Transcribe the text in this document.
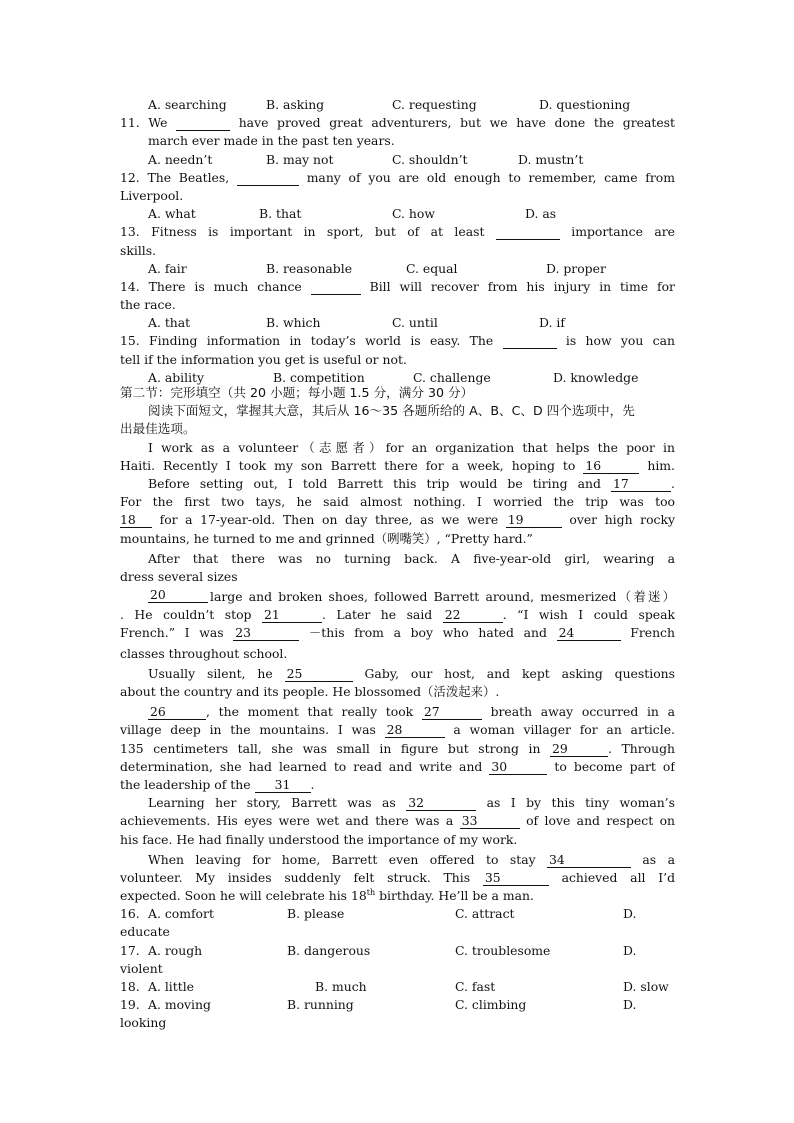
A. searching	B. asking	C. requesting	D. questioning
11. We	have proved great adventurers, but we have done the greatest
march ever made in the past ten years.
A. needn’t	B. may not	C. shouldn’t	D. mustn’t
12. The Beatles,	many of you are old enough to remember, came from
Liverpool.
A. what	B. that	C. how	D. as
13. Fitness is important in sport, but of at least	importance are
skills.
A. fair	B. reasonable	C. equal	D. proper
14. There is much chance	Bill will recover from his injury in time for
the race.
A. that	B. which	C. until	D. if
15. Finding information in today’s world is easy. The	is how you can
tell if the information you get is useful or not.
A. ability	B. competition	C. challenge	D. knowledge
第二节：完形填空（共 20 小题；每小题 1.5 分，满分 30 分）
阅读下面短文，掌握其大意，其后从 16～35 各题所给的 A、B、C、D 四个选项中，先
出最佳选项。
I work as a volunteer（志愿者）for an organization that helps the poor in
Haiti. Recently I took my son Barrett there for a week, hoping to 16	him.
Before setting out, I told Barrett this trip would be tiring and 17	.
For the first two tays, he said almost nothing. I worried the trip was too
18 for a 17-year-old. Then on day three, as we were 19	over high rocky
mountains, he turned to me and grinned（咧嘴笑）, “Pretty hard.”
After that there was no turning back. A five-year-old girl, wearing a
dress several sizes
20	large and broken shoes, followed Barrett around, mesmerized（着迷）
. He couldn’t stop 21	. Later he said 22	. “I wish I could speak
French.” I was 23	－this from a boy who hated and 24	French
classes throughout school.
Usually silent, he 25	Gaby, our host, and kept asking questions
about the country and its people. He blossomed（活泼起来）.
26	, the moment that really took 27	breath away occurred in a
village deep in the mountains. I was 28	a woman villager for an article.
135 centimeters tall, she was small in figure but strong in 29	. Through
determination, she had learned to read and write and 30	to become part of
the leadership of the 31 .
Learning her story, Barrett was as 32	as I by this tiny woman’s
achievements. His eyes were wet and there was a 33	of love and respect on
his face. He had finally understood the importance of my work.
When leaving for home, Barrett even offered to stay 34	as a
volunteer. My insides suddenly felt struck. This 35	achieved all I’d
expected. Soon he will celebrate his 18th birthday. He’ll be a man.
16. A. comfort	B. please	C. attract	D.
educate
17. A. rough	B. dangerous	C. troublesome	D.
violent
18. A. little	B. much	C. fast	D. slow
19. A. moving	B. running	C. climbing	D.
looking
